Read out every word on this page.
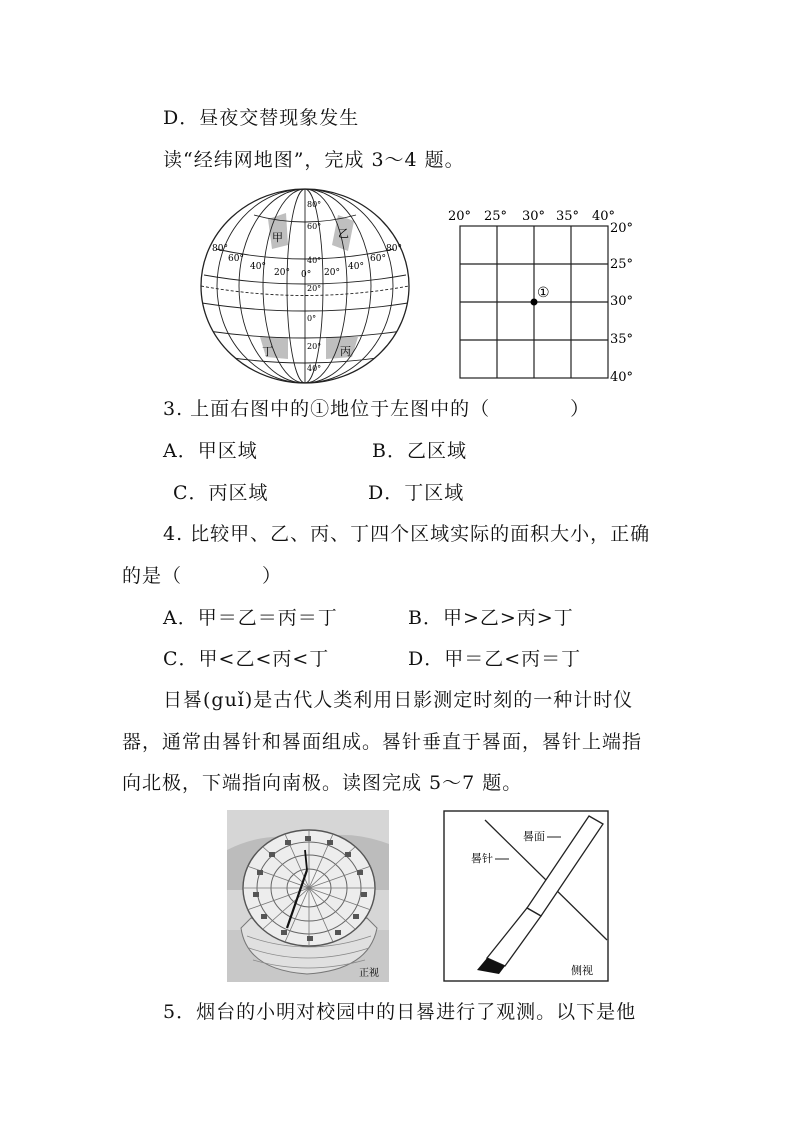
D．昼夜交替现象发生
读“经纬网地图”，完成 3～4 题。
甲	乙
丙
丁
80°
60°
40°
20° 0° 20°
40°
60°
80°
80°
60°
40°
20°
0°
20°
40°
20° 25° 30° 35° 40°
20°
25°
30°
35°
40°
①
3. 上面右图中的①地位于左图中的（　　　　）
A．甲区域	B．乙区域
C．丙区域	D．丁区域
4. 比较甲、乙、丙、丁四个区域实际的面积大小，正确
的是（　　　　）
A．甲＝乙＝丙＝丁	B．甲>乙>丙>丁
C．甲<乙<丙<丁	D．甲＝乙<丙＝丁
日晷(guǐ)是古代人类利用日影测定时刻的一种计时仪
器，通常由晷针和晷面组成。晷针垂直于晷面，晷针上端指
向北极，下端指向南极。读图完成 5～7 题。
正视
晷面
晷针
侧视
5．烟台的小明对校园中的日晷进行了观测。以下是他
